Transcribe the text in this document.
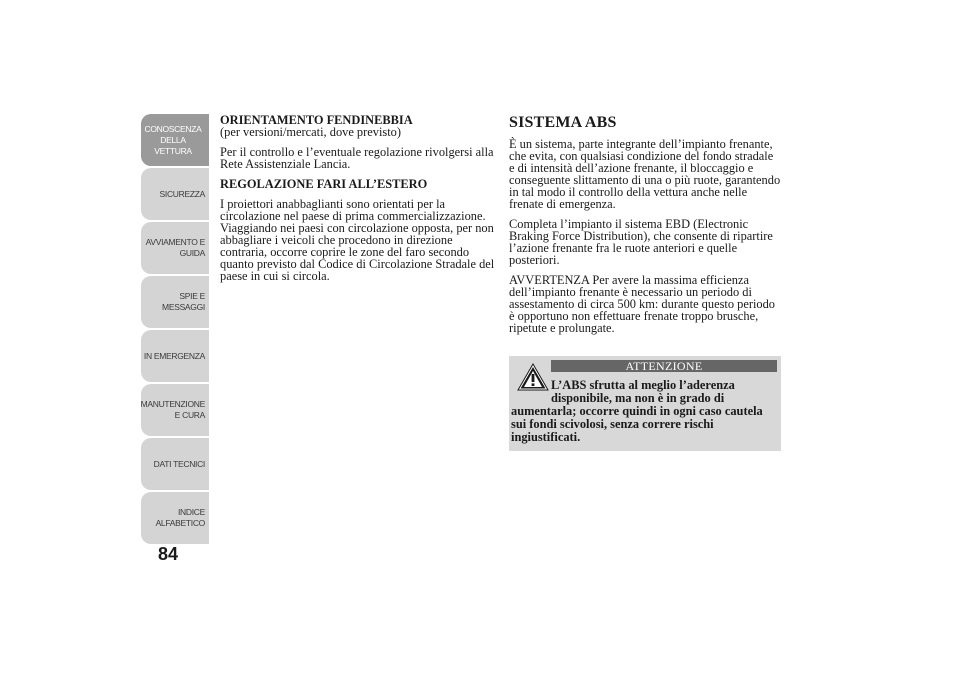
CONOSCENZA DELLA VETTURA
SICUREZZA
AVVIAMENTO E GUIDA
SPIE E MESSAGGI
IN EMERGENZA
MANUTENZIONE E CURA
DATI TECNICI
INDICE ALFABETICO
84
ORIENTAMENTO FENDINEBBIA
(per versioni/mercati, dove previsto)

Per il controllo e l’eventuale regolazione rivolgersi alla Rete Assistenziale Lancia.

REGOLAZIONE FARI ALL’ESTERO

I proiettori anabbaglianti sono orientati per la circolazione nel paese di prima commercializzazione. Viaggiando nei paesi con circolazione opposta, per non abbagliare i veicoli che procedono in direzione contraria, occorre coprire le zone del faro secondo quanto previsto dal Codice di Circolazione Stradale del paese in cui si circola.

SISTEMA ABS

È un sistema, parte integrante dell’impianto frenante, che evita, con qualsiasi condizione del fondo stradale e di intensità dell’azione frenante, il bloccaggio e conseguente slittamento di una o più ruote, garantendo in tal modo il controllo della vettura anche nelle frenate di emergenza.

Completa l’impianto il sistema EBD (Electronic Braking Force Distribution), che consente di ripartire l’azione frenante fra le ruote anteriori e quelle posteriori.

AVVERTENZA Per avere la massima efficienza dell’impianto frenante è necessario un periodo di assestamento di circa 500 km: durante questo periodo è opportuno non effettuare frenate troppo brusche, ripetute e prolungate.

ATTENZIONE
L’ABS sfrutta al meglio l’aderenza
disponibile, ma non è in grado di
aumentarla; occorre quindi in ogni caso cautela sui fondi scivolosi, senza correre rischi ingiustificati.
